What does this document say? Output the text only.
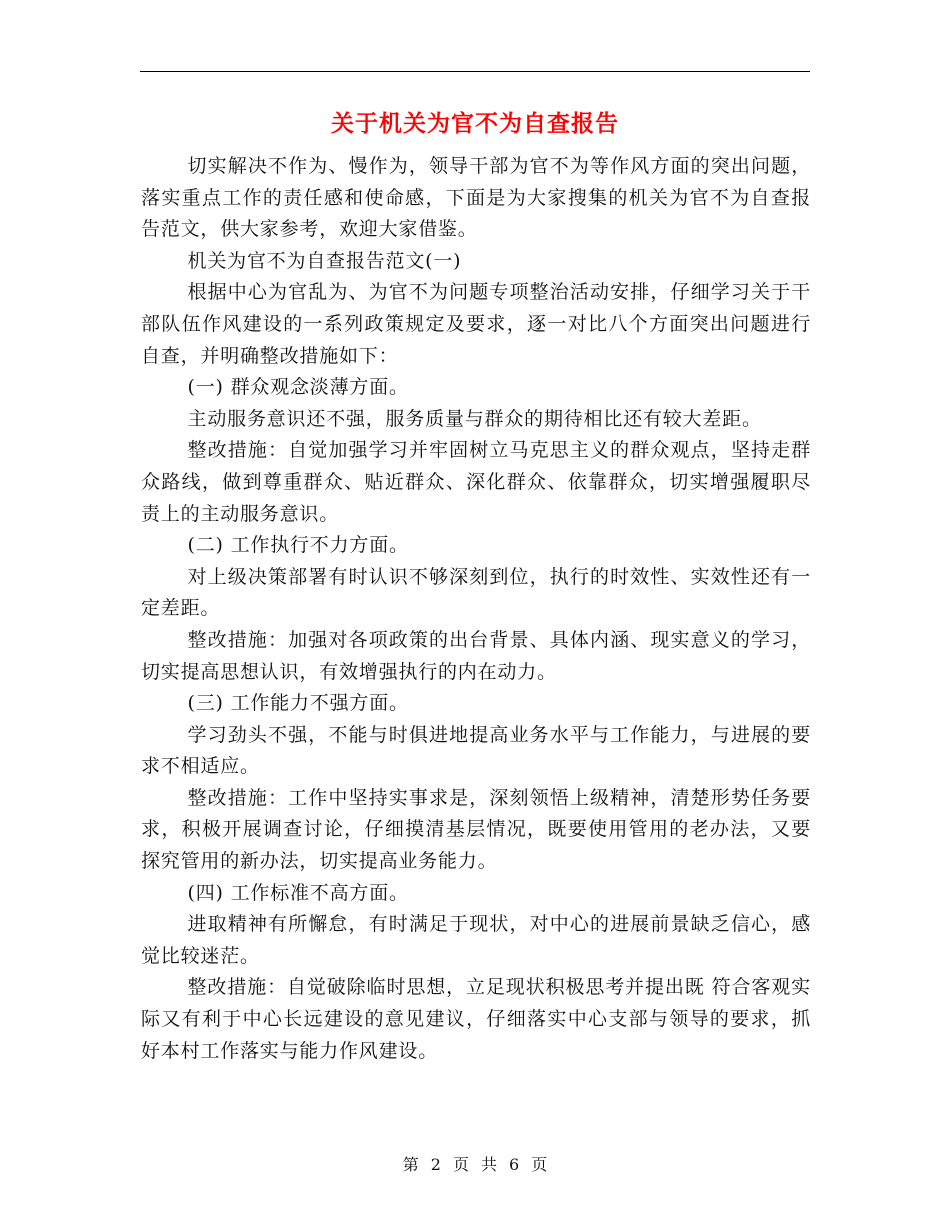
关于机关为官不为自查报告

切实解决不作为、慢作为，领导干部为官不为等作风方面的突出问题，落实重点工作的责任感和使命感，下面是为大家搜集的机关为官不为自查报告范文，供大家参考，欢迎大家借鉴。

机关为官不为自查报告范文(一)

根据中心为官乱为、为官不为问题专项整治活动安排，仔细学习关于干部队伍作风建设的一系列政策规定及要求，逐一对比八个方面突出问题进行自查，并明确整改措施如下：

(一) 群众观念淡薄方面。

主动服务意识还不强，服务质量与群众的期待相比还有较大差距。

整改措施：自觉加强学习并牢固树立马克思主义的群众观点，坚持走群众路线，做到尊重群众、贴近群众、深化群众、依靠群众，切实增强履职尽责上的主动服务意识。

(二) 工作执行不力方面。

对上级决策部署有时认识不够深刻到位，执行的时效性、实效性还有一定差距。

整改措施：加强对各项政策的出台背景、具体内涵、现实意义的学习，切实提高思想认识，有效增强执行的内在动力。

(三) 工作能力不强方面。

学习劲头不强，不能与时俱进地提高业务水平与工作能力，与进展的要求不相适应。

整改措施：工作中坚持实事求是，深刻领悟上级精神，清楚形势任务要求，积极开展调查讨论，仔细摸清基层情况，既要使用管用的老办法，又要探究管用的新办法，切实提高业务能力。

(四) 工作标准不高方面。

进取精神有所懈怠，有时满足于现状，对中心的进展前景缺乏信心，感觉比较迷茫。

整改措施：自觉破除临时思想，立足现状积极思考并提出既 符合客观实际又有利于中心长远建设的意见建议，仔细落实中心支部与领导的要求，抓好本村工作落实与能力作风建设。

第 2 页 共 6 页
